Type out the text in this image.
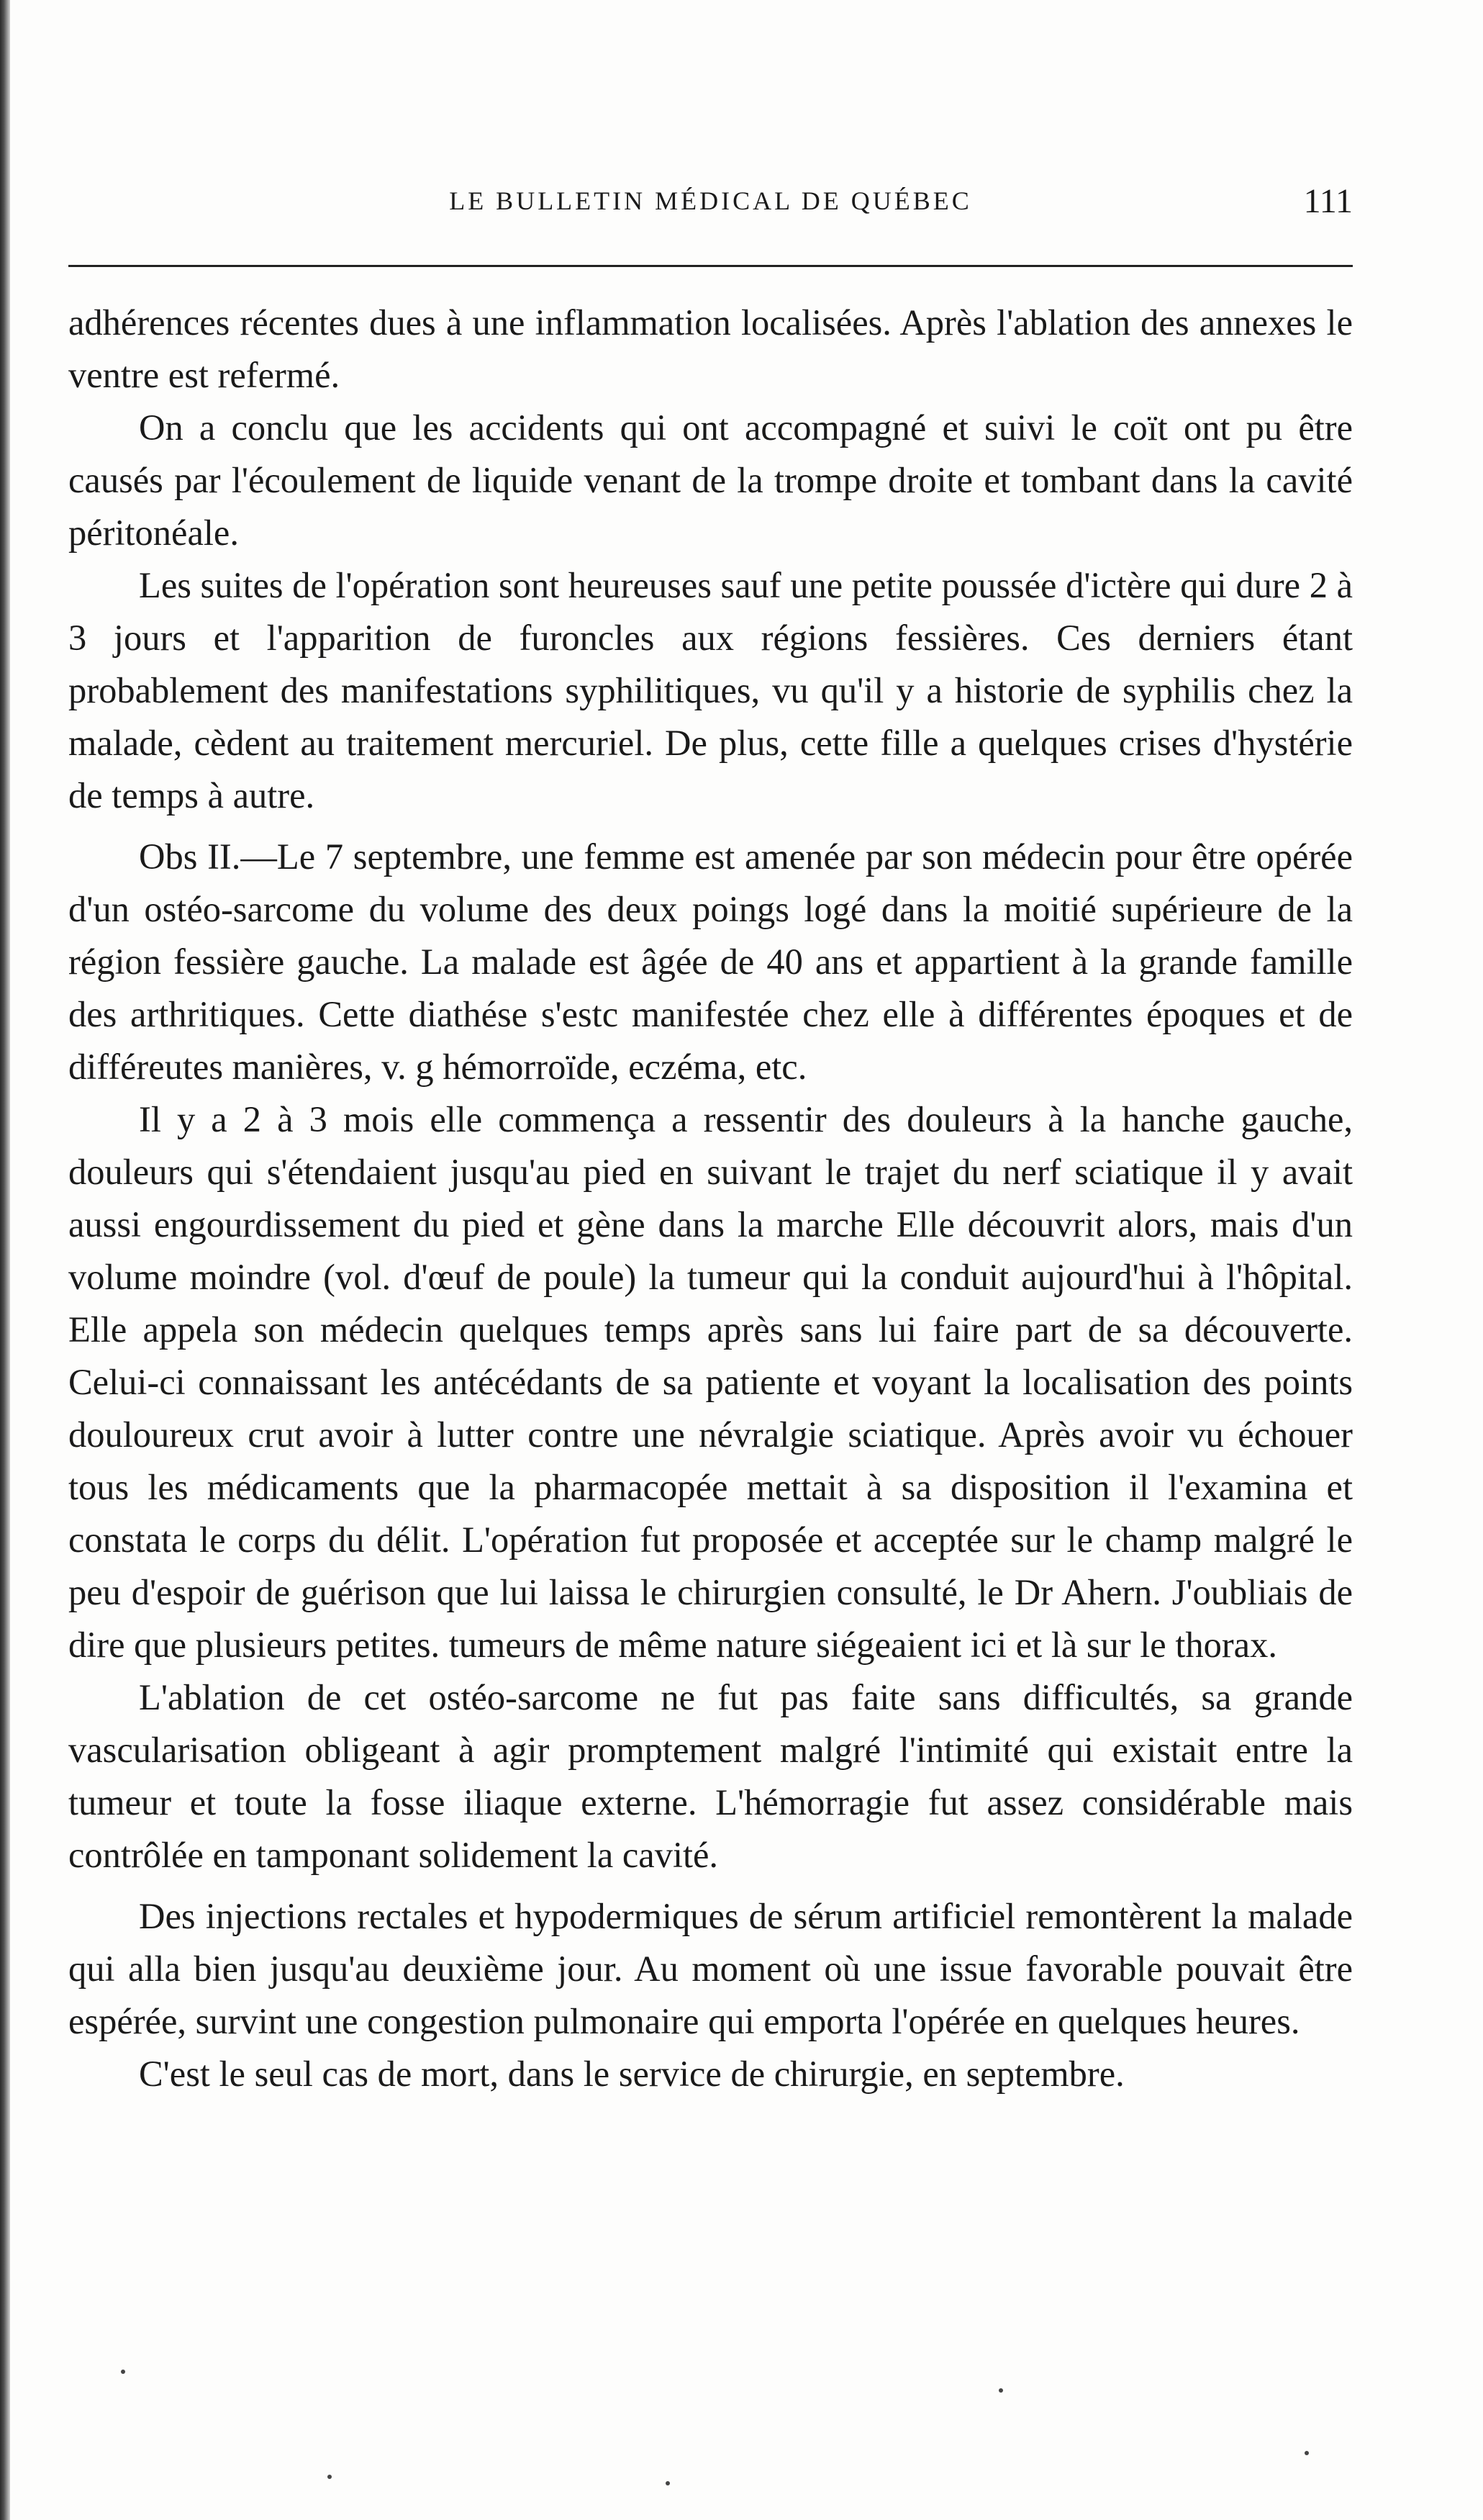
LE BULLETIN MÉDICAL DE QUÉBEC	111

adhérences récentes dues à une inflammation localisées. Après l'ablation des annexes le ventre est refermé.

On a conclu que les accidents qui ont accompagné et suivi le coït ont pu être causés par l'écoulement de liquide venant de la trompe droite et tombant dans la cavité péritonéale.

Les suites de l'opération sont heureuses sauf une petite poussée d'ictère qui dure 2 à 3 jours et l'apparition de furoncles aux régions fessières. Ces derniers étant probablement des manifestations syphilitiques, vu qu'il y a historie de syphilis chez la malade, cèdent au traitement mercuriel. De plus, cette fille a quelques crises d'hystérie de temps à autre.

Obs II.—Le 7 septembre, une femme est amenée par son médecin pour être opérée d'un ostéo-sarcome du volume des deux poings logé dans la moitié supérieure de la région fessière gauche. La malade est âgée de 40 ans et appartient à la grande famille des arthritiques. Cette diathése s'estc manifestée chez elle à différentes époques et de différeutes manières, v. g hémorroïde, eczéma, etc.

Il y a 2 à 3 mois elle commença a ressentir des douleurs à la hanche gauche, douleurs qui s'étendaient jusqu'au pied en suivant le trajet du nerf sciatique il y avait aussi engourdissement du pied et gène dans la marche Elle découvrit alors, mais d'un volume moindre (vol. d'œuf de poule) la tumeur qui la conduit aujourd'hui à l'hôpital. Elle appela son médecin quelques temps après sans lui faire part de sa découverte. Celui-ci connaissant les antécédants de sa patiente et voyant la localisation des points douloureux crut avoir à lutter contre une névralgie sciatique. Après avoir vu échouer tous les médicaments que la pharmacopée mettait à sa disposition il l'examina et constata le corps du délit. L'opération fut proposée et acceptée sur le champ malgré le peu d'espoir de guérison que lui laissa le chirurgien consulté, le Dr Ahern. J'oubliais de dire que plusieurs petites. tumeurs de même nature siégeaient ici et là sur le thorax.

L'ablation de cet ostéo-sarcome ne fut pas faite sans difficultés, sa grande vascularisation obligeant à agir promptement malgré l'intimité qui existait entre la tumeur et toute la fosse iliaque externe. L'hémorragie fut assez considérable mais contrôlée en tamponant solidement la cavité.

Des injections rectales et hypodermiques de sérum artificiel remontèrent la malade qui alla bien jusqu'au deuxième jour. Au moment où une issue favorable pouvait être espérée, survint une congestion pulmonaire qui emporta l'opérée en quelques heures.

C'est le seul cas de mort, dans le service de chirurgie, en septembre.
